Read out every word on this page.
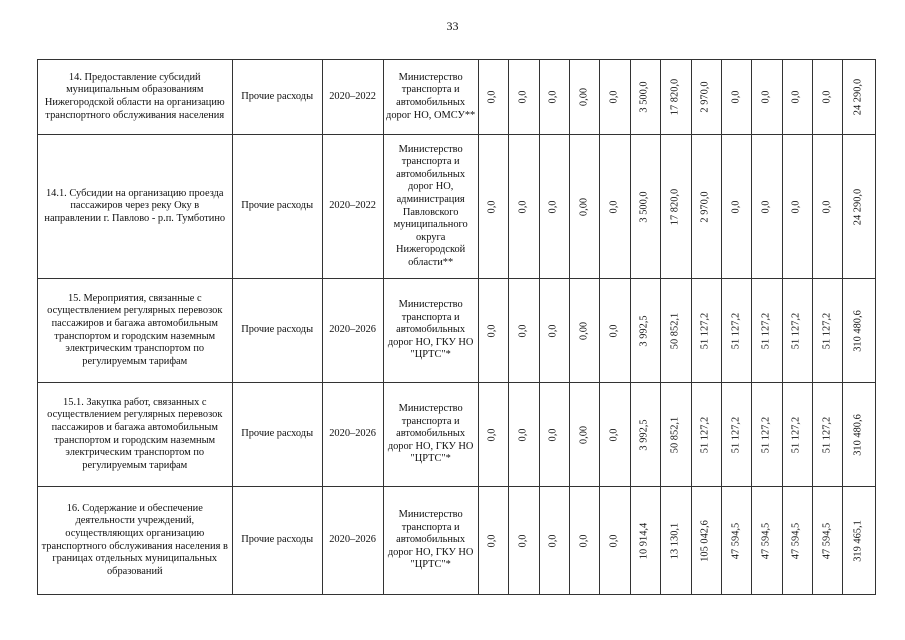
33
14. Предоставление субсидий муниципальным образованиям Нижегородской области на организацию транспортного обслуживания населения	Прочие расходы	2020–2022	Министерство транспорта и автомобильных дорог НО, ОМСУ**	0,0	0,0	0,0	0,00	0,0	3 500,0	17 820,0	2 970,0	0,0	0,0	0,0	0,0	24 290,0

14.1. Субсидии на организацию проезда пассажиров через реку Оку в направлении г. Павлово - р.п. Тумботино	Прочие расходы	2020–2022	Министерство транспорта и автомобильных дорог НО, администрация Павловского муниципального округа Нижегородской области**	0,0	0,0	0,0	0,00	0,0	3 500,0	17 820,0	2 970,0	0,0	0,0	0,0	0,0	24 290,0

15. Мероприятия, связанные с осуществлением регулярных перевозок пассажиров и багажа автомобильным транспортом и городским наземным электрическим транспортом по регулируемым тарифам	Прочие расходы	2020–2026	Министерство транспорта и автомобильных дорог НО, ГКУ НО "ЦРТС"*	0,0	0,0	0,0	0,00	0,0	3 992,5	50 852,1	51 127,2	51 127,2	51 127,2	51 127,2	51 127,2	310 480,6

15.1. Закупка работ, связанных с осуществлением регулярных перевозок пассажиров и багажа автомобильным транспортом и городским наземным электрическим транспортом по регулируемым тарифам	Прочие расходы	2020–2026	Министерство транспорта и автомобильных дорог НО, ГКУ НО "ЦРТС"*	0,0	0,0	0,0	0,00	0,0	3 992,5	50 852,1	51 127,2	51 127,2	51 127,2	51 127,2	51 127,2	310 480,6

16. Содержание и обеспечение деятельности учреждений, осуществляющих организацию транспортного обслуживания населения в границах отдельных муниципальных образований	Прочие расходы	2020–2026	Министерство транспорта и автомобильных дорог НО, ГКУ НО "ЦРТС"*	0,0	0,0	0,0	0,0	0,0	10 914,4	13 130,1	105 042,6	47 594,5	47 594,5	47 594,5	47 594,5	319 465,1
